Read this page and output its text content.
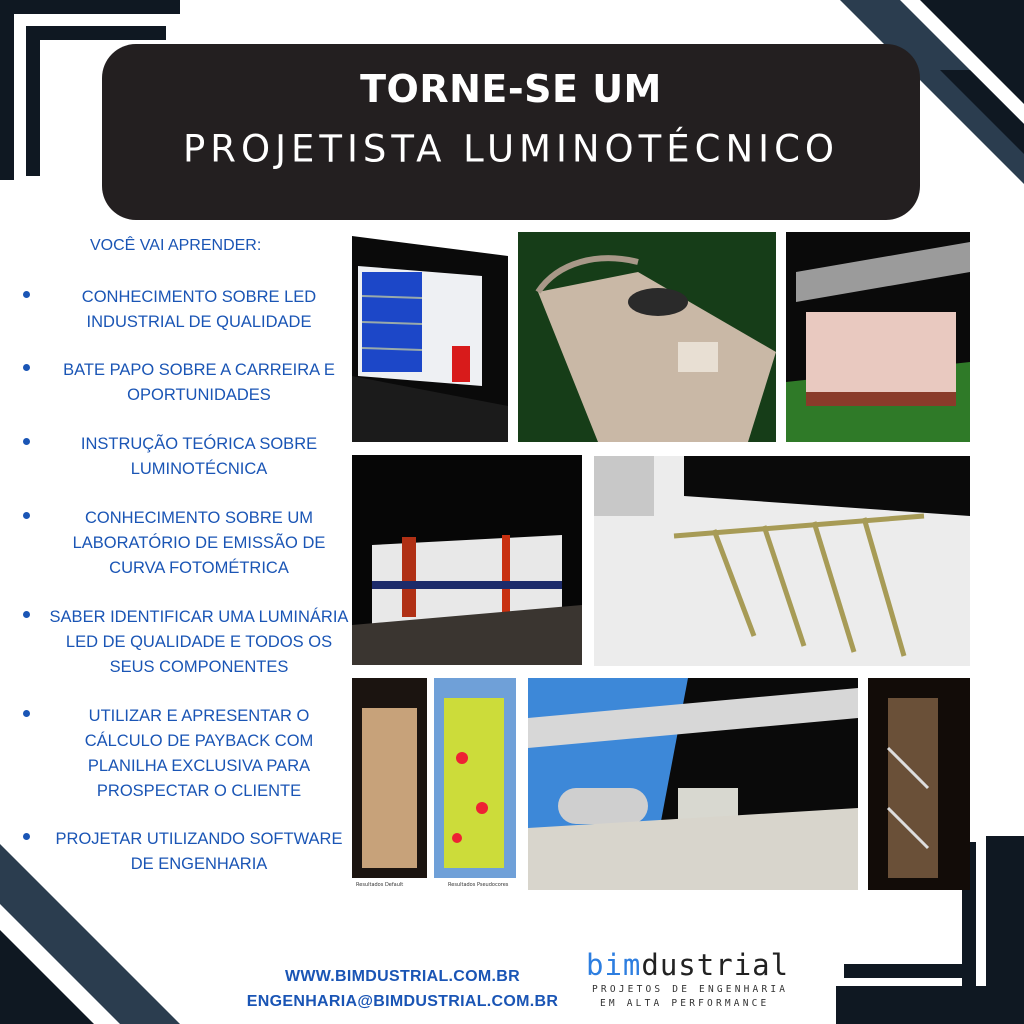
TORNE-SE UM
PROJETISTA LUMINOTÉCNICO
VOCÊ VAI APRENDER:
CONHECIMENTO SOBRE LED INDUSTRIAL DE QUALIDADE
BATE PAPO SOBRE A CARREIRA E OPORTUNIDADES
INSTRUÇÃO TEÓRICA SOBRE LUMINOTÉCNICA
CONHECIMENTO SOBRE UM LABORATÓRIO DE EMISSÃO DE CURVA FOTOMÉTRICA
SABER IDENTIFICAR UMA LUMINÁRIA LED DE QUALIDADE E TODOS OS SEUS COMPONENTES
UTILIZAR E APRESENTAR O CÁLCULO DE PAYBACK COM PLANILHA EXCLUSIVA PARA PROSPECTAR O CLIENTE
PROJETAR UTILIZANDO SOFTWARE DE ENGENHARIA
Resultados Default	Resultados Pseudocores
WWW.BIMDUSTRIAL.COM.BR
ENGENHARIA@BIMDUSTRIAL.COM.BR
bimdustrial
PROJETOS DE ENGENHARIA
EM ALTA PERFORMANCE
